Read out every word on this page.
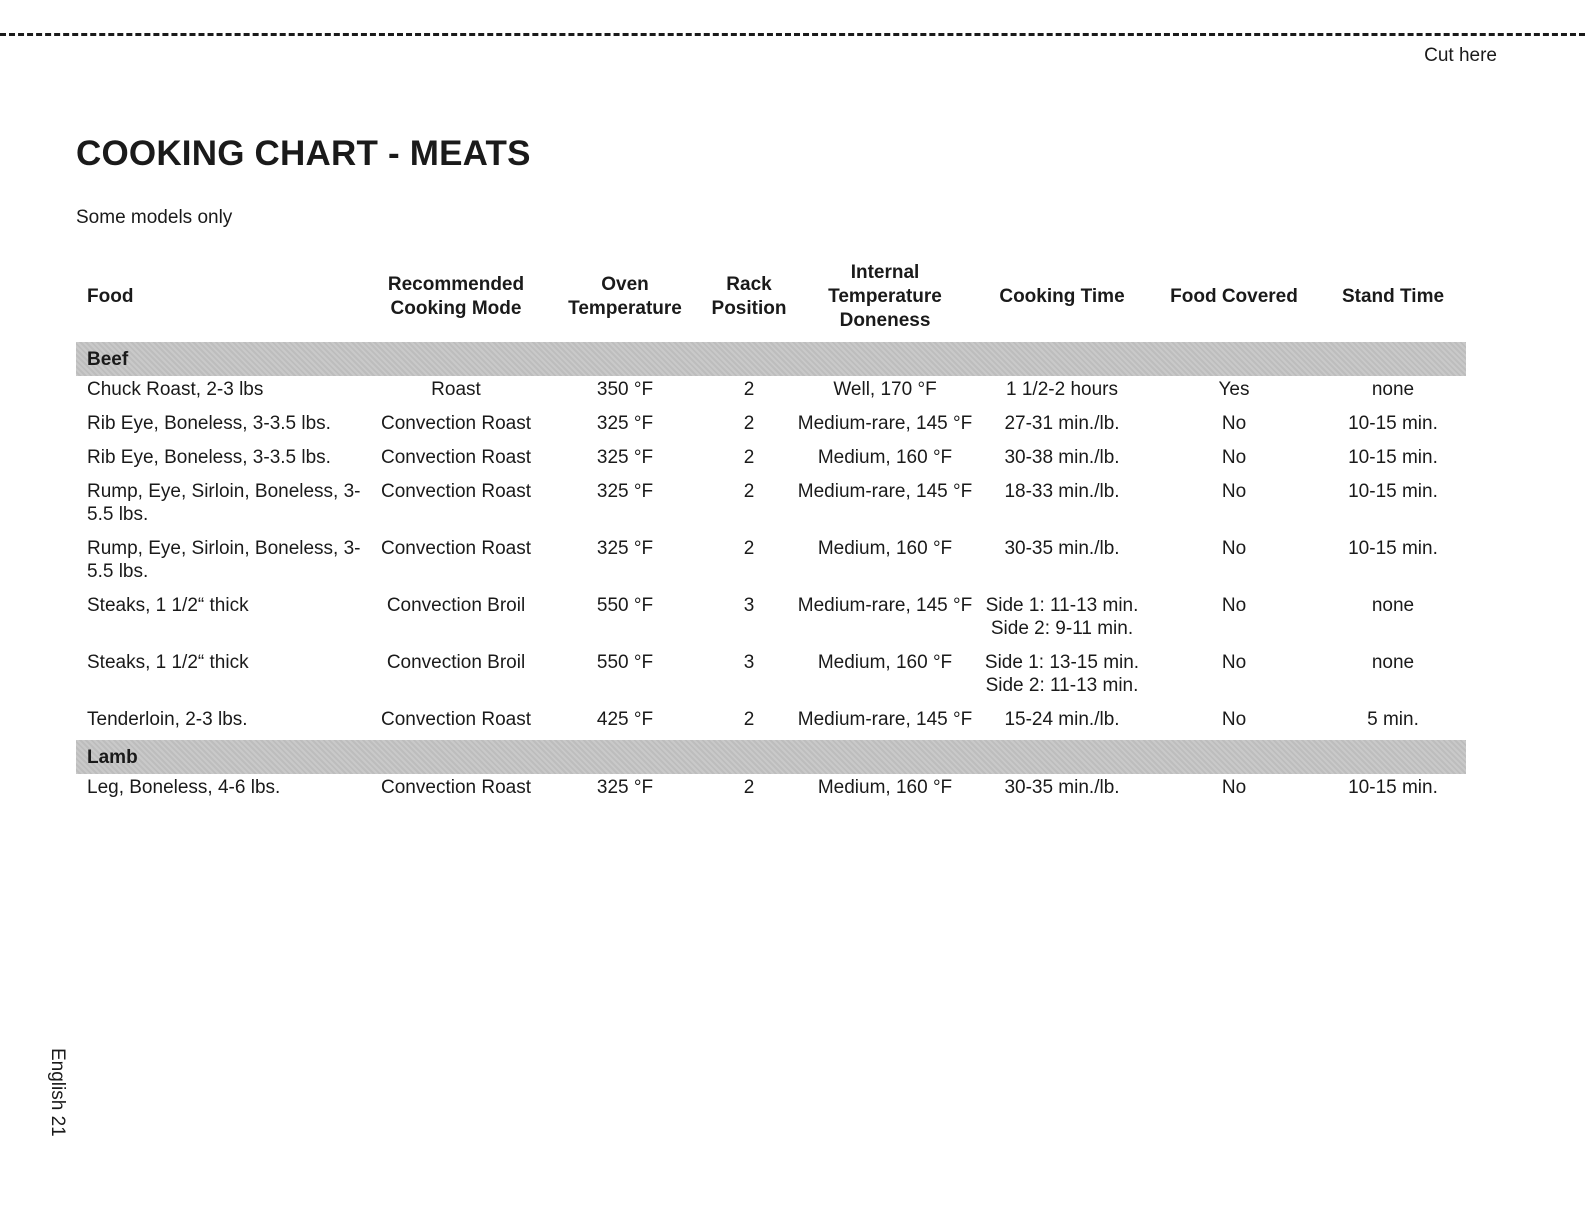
Cut here
COOKING CHART - MEATS
Some models only
Food	Recommended Cooking Mode	Oven Temperature	Rack Position	Internal Temperature Doneness	Cooking Time	Food Covered	Stand Time
Beef							
Chuck Roast, 2-3 lbs	Roast	350 °F	2	Well, 170 °F	1 1/2-2 hours	Yes	none
Rib Eye, Boneless, 3-3.5 lbs.	Convection Roast	325 °F	2	Medium-rare, 145 °F	27-31 min./lb.	No	10-15 min.
Rib Eye, Boneless, 3-3.5 lbs.	Convection Roast	325 °F	2	Medium, 160 °F	30-38 min./lb.	No	10-15 min.
Rump, Eye, Sirloin, Boneless, 3-5.5 lbs.	Convection Roast	325 °F	2	Medium-rare, 145 °F	18-33 min./lb.	No	10-15 min.
Rump, Eye, Sirloin, Boneless, 3-5.5 lbs.	Convection Roast	325 °F	2	Medium, 160 °F	30-35 min./lb.	No	10-15 min.
Steaks, 1 1/2“ thick	Convection Broil	550 °F	3	Medium-rare, 145 °F	Side 1: 11-13 min. Side 2: 9-11 min.	No	none
Steaks, 1 1/2“ thick	Convection Broil	550 °F	3	Medium, 160 °F	Side 1: 13-15 min. Side 2: 11-13 min.	No	none
Tenderloin, 2-3 lbs.	Convection Roast	425 °F	2	Medium-rare, 145 °F	15-24 min./lb.	No	5 min.
Lamb							
Leg, Boneless, 4-6 lbs.	Convection Roast	325 °F	2	Medium, 160 °F	30-35 min./lb.	No	10-15 min.
English 21
